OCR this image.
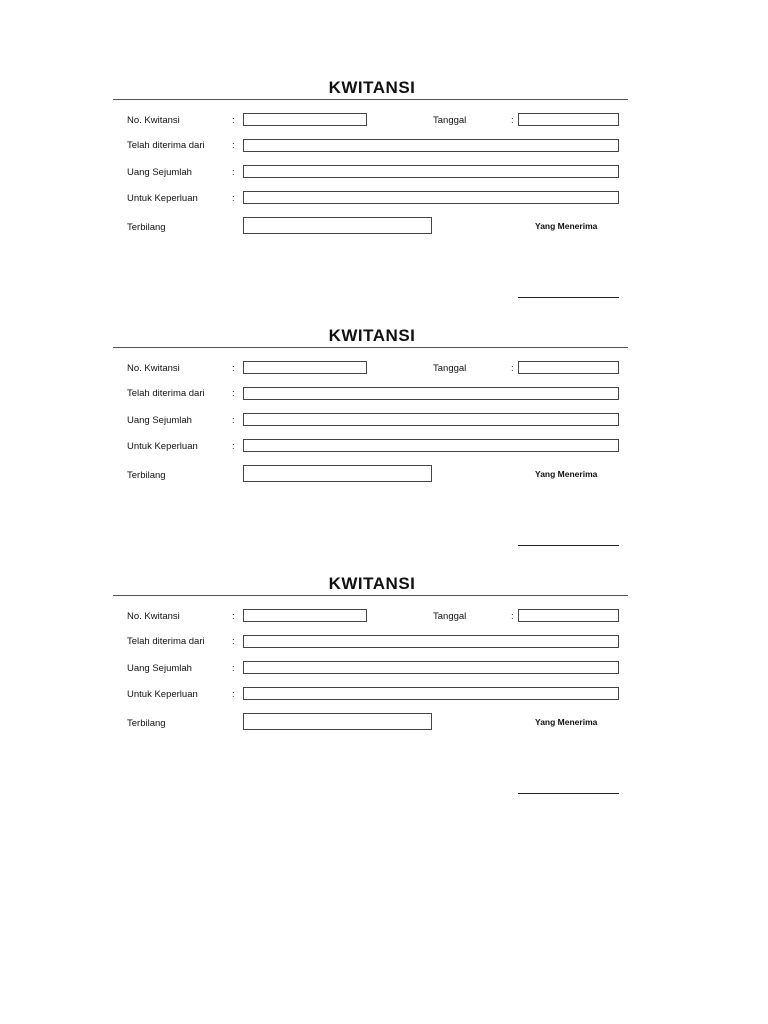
KWITANSI
No. Kwitansi	:	Tanggal	:
Telah diterima dari	:
Uang Sejumlah	:
Untuk Keperluan	:
Terbilang	Yang Menerima
KWITANSI
No. Kwitansi	:	Tanggal	:
Telah diterima dari	:
Uang Sejumlah	:
Untuk Keperluan	:
Terbilang	Yang Menerima
KWITANSI
No. Kwitansi	:	Tanggal	:
Telah diterima dari	:
Uang Sejumlah	:
Untuk Keperluan	:
Terbilang	Yang Menerima
